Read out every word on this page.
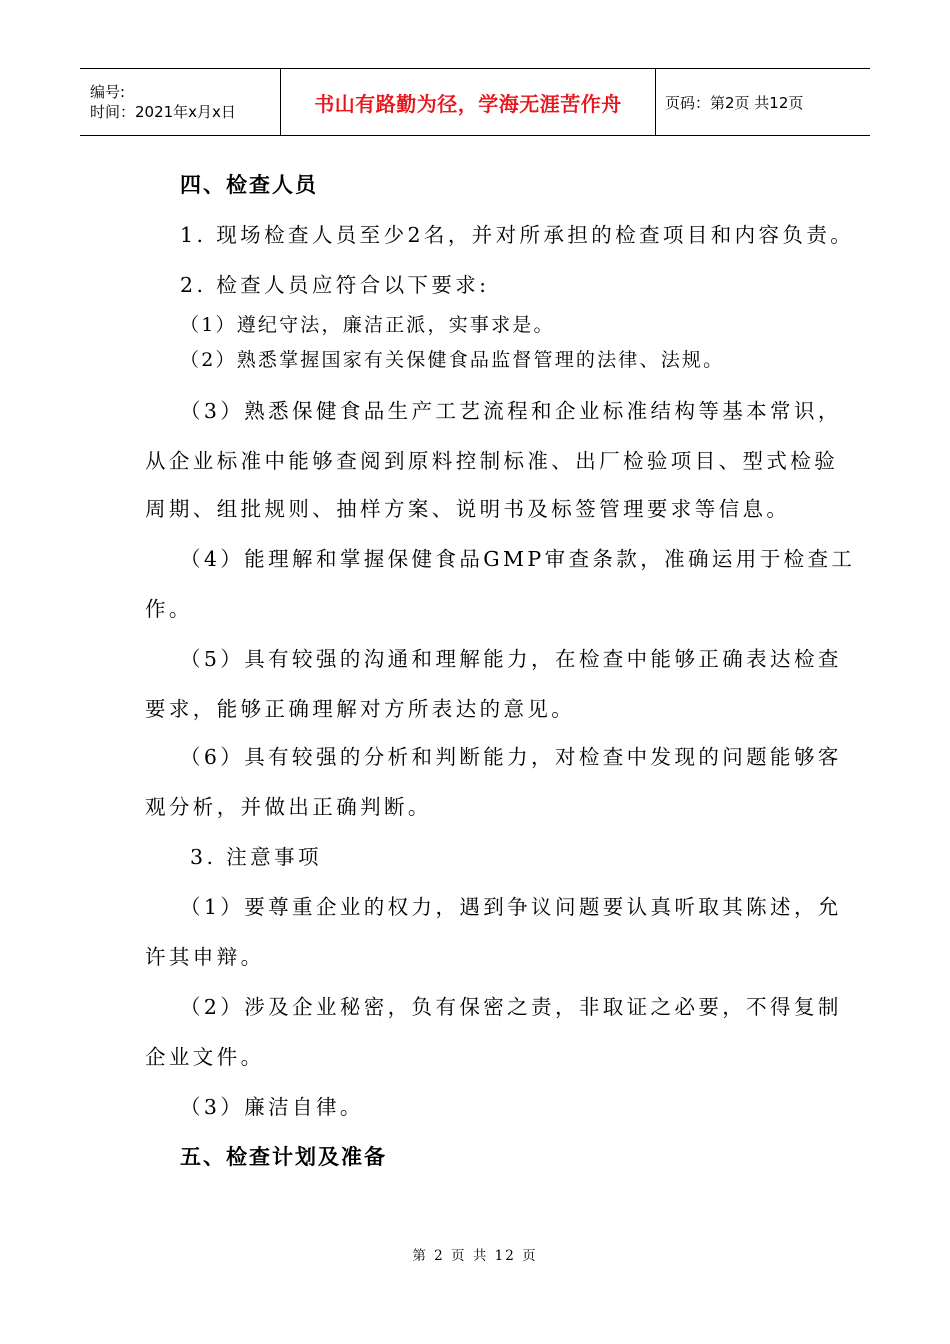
编号:
时间：2021年x月x日	书山有路勤为径，学海无涯苦作舟	页码：第2页 共12页
四、检查人员
1. 现场检查人员至少2名，并对所承担的检查项目和内容负责。
2. 检查人员应符合以下要求:
（1）遵纪守法，廉洁正派，实事求是。
（2）熟悉掌握国家有关保健食品监督管理的法律、法规。
（3）熟悉保健食品生产工艺流程和企业标准结构等基本常识，
从企业标准中能够查阅到原料控制标准、出厂检验项目、型式检验
周期、组批规则、抽样方案、说明书及标签管理要求等信息。
（4）能理解和掌握保健食品GMP审查条款，准确运用于检查工
作。
（5）具有较强的沟通和理解能力，在检查中能够正确表达检查
要求，能够正确理解对方所表达的意见。
（6）具有较强的分析和判断能力，对检查中发现的问题能够客
观分析，并做出正确判断。
3. 注意事项
（1）要尊重企业的权力，遇到争议问题要认真听取其陈述，允
许其申辩。
（2）涉及企业秘密，负有保密之责，非取证之必要，不得复制
企业文件。
（3）廉洁自律。
五、检查计划及准备
第 2 页 共 12 页
